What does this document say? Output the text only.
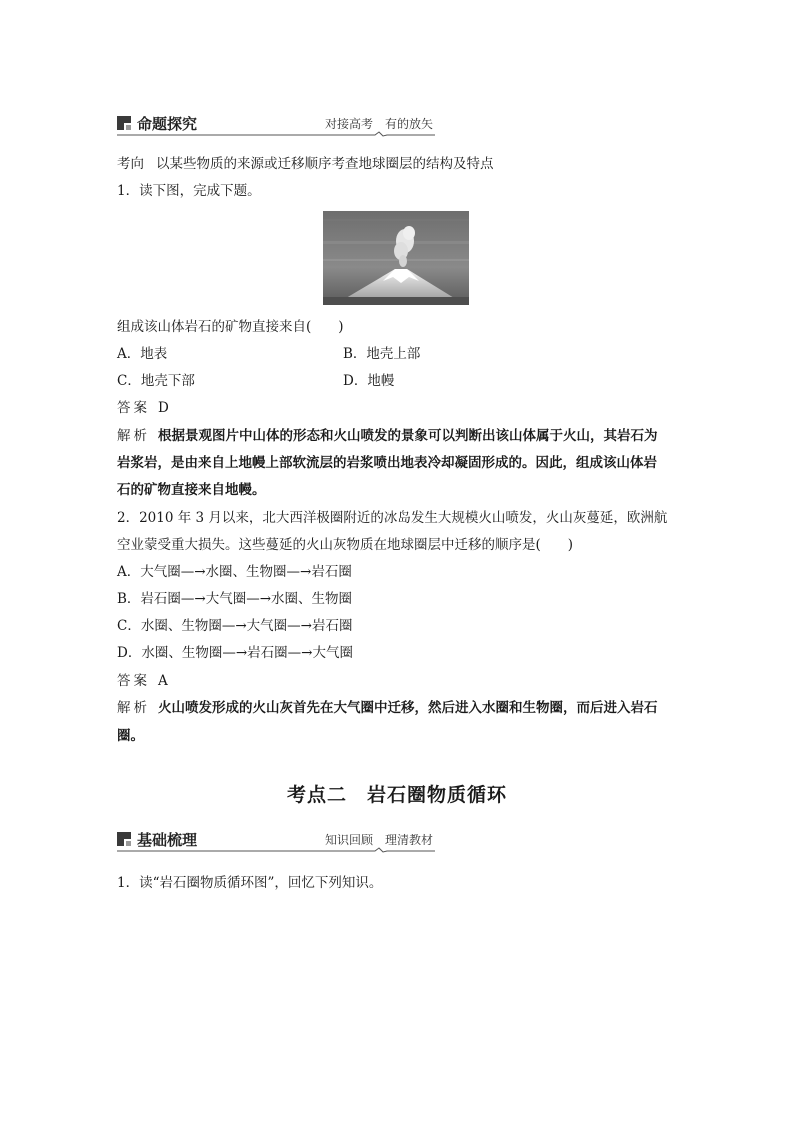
命题探究	对接高考　有的放矢
考向 以某些物质的来源或迁移顺序考查地球圈层的结构及特点
1．读下图，完成下题。
组成该山体岩石的矿物直接来自(　　)
A．地表	B．地壳上部
C．地壳下部	D．地幔
答案 D
解析 根据景观图片中山体的形态和火山喷发的景象可以判断出该山体属于火山，其岩石为
岩浆岩，是由来自上地幔上部软流层的岩浆喷出地表冷却凝固形成的。因此，组成该山体岩
石的矿物直接来自地幔。
2．2010 年 3 月以来，北大西洋极圈附近的冰岛发生大规模火山喷发，火山灰蔓延，欧洲航
空业蒙受重大损失。这些蔓延的火山灰物质在地球圈层中迁移的顺序是(　　)
A．大气圈—→水圈、生物圈—→岩石圈
B．岩石圈—→大气圈—→水圈、生物圈
C．水圈、生物圈—→大气圈—→岩石圈
D．水圈、生物圈—→岩石圈—→大气圈
答案 A
解析 火山喷发形成的火山灰首先在大气圈中迁移，然后进入水圈和生物圈，而后进入岩石
圈。
考点二　岩石圈物质循环
基础梳理	知识回顾　理清教材
1．读“岩石圈物质循环图”，回忆下列知识。
